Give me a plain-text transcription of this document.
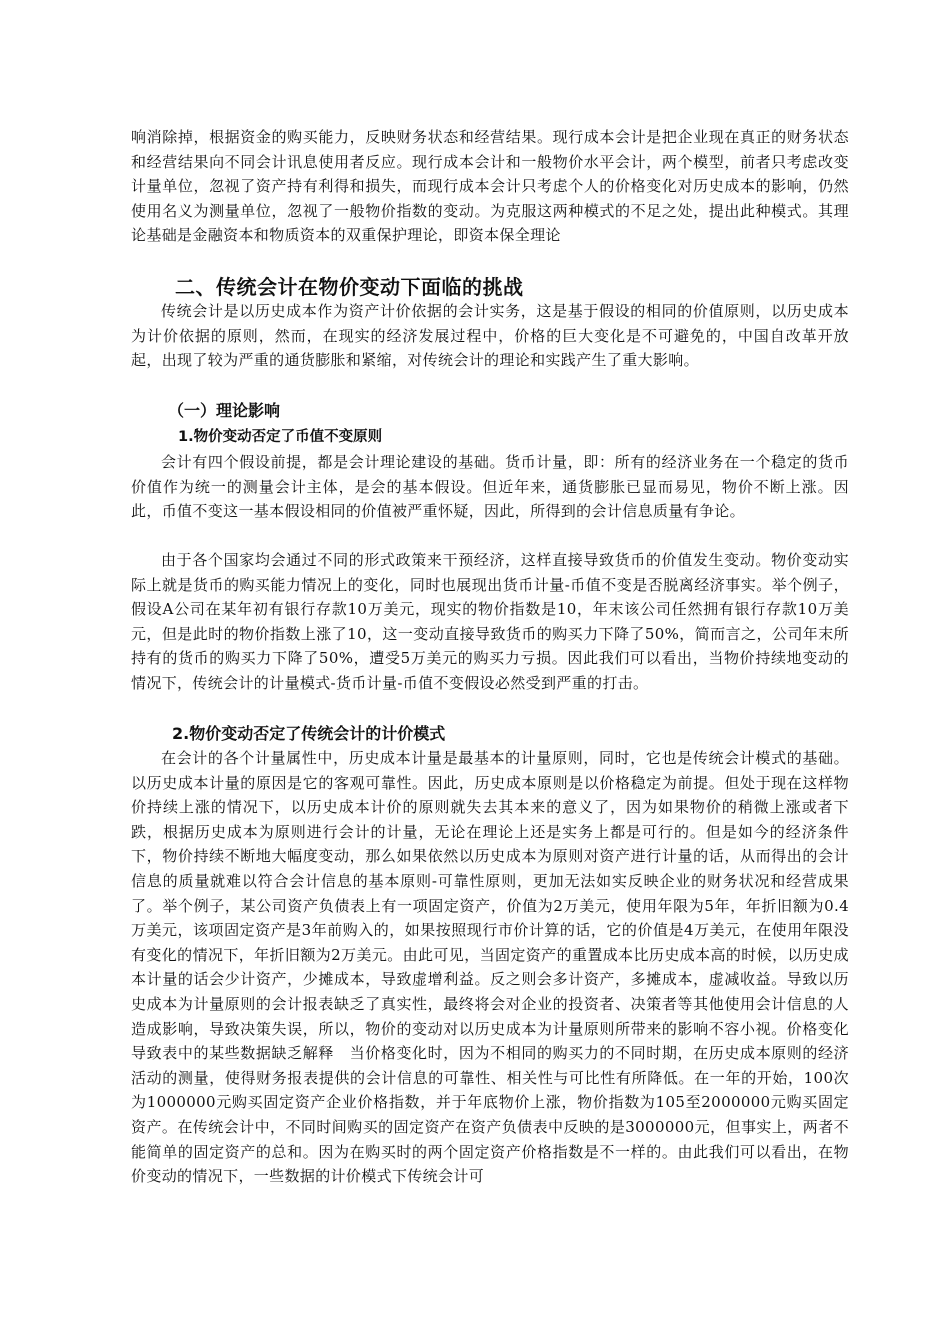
响消除掉，根据资金的购买能力，反映财务状态和经营结果。现行成本会计是把企业现在真正的财务状态和经营结果向不同会计讯息使用者反应。现行成本会计和一般物价水平会计，两个模型，前者只考虑改变计量单位，忽视了资产持有利得和损失，而现行成本会计只考虑个人的价格变化对历史成本的影响，仍然使用名义为测量单位，忽视了一般物价指数的变动。为克服这两种模式的不足之处，提出此种模式。其理论基础是金融资本和物质资本的双重保护理论，即资本保全理论

二、传统会计在物价变动下面临的挑战

传统会计是以历史成本作为资产计价依据的会计实务，这是基于假设的相同的价值原则，以历史成本为计价依据的原则，然而，在现实的经济发展过程中，价格的巨大变化是不可避免的，中国自改革开放起，出现了较为严重的通货膨胀和紧缩，对传统会计的理论和实践产生了重大影响。

（一）理论影响
1.物价变动否定了币值不变原则

会计有四个假设前提，都是会计理论建设的基础。货币计量，即：所有的经济业务在一个稳定的货币价值作为统一的测量会计主体，是会的基本假设。但近年来，通货膨胀已显而易见，物价不断上涨。因此，币值不变这一基本假设相同的价值被严重怀疑，因此，所得到的会计信息质量有争论。

由于各个国家均会通过不同的形式政策来干预经济，这样直接导致货币的价值发生变动。物价变动实际上就是货币的购买能力情况上的变化，同时也展现出货币计量-币值不变是否脱离经济事实。举个例子，假设A公司在某年初有银行存款10万美元，现实的物价指数是10，年末该公司任然拥有银行存款10万美元，但是此时的物价指数上涨了10，这一变动直接导致货币的购买力下降了50%，简而言之，公司年末所持有的货币的购买力下降了50%，遭受5万美元的购买力亏损。因此我们可以看出，当物价持续地变动的情况下，传统会计的计量模式-货币计量-币值不变假设必然受到严重的打击。

2.物价变动否定了传统会计的计价模式

在会计的各个计量属性中，历史成本计量是最基本的计量原则，同时，它也是传统会计模式的基础。以历史成本计量的原因是它的客观可靠性。因此，历史成本原则是以价格稳定为前提。但处于现在这样物价持续上涨的情况下，以历史成本计价的原则就失去其本来的意义了，因为如果物价的稍微上涨或者下跌，根据历史成本为原则进行会计的计量，无论在理论上还是实务上都是可行的。但是如今的经济条件下，物价持续不断地大幅度变动，那么如果依然以历史成本为原则对资产进行计量的话，从而得出的会计信息的质量就难以符合会计信息的基本原则-可靠性原则，更加无法如实反映企业的财务状况和经营成果了。举个例子，某公司资产负债表上有一项固定资产，价值为2万美元，使用年限为5年，年折旧额为0.4万美元，该项固定资产是3年前购入的，如果按照现行市价计算的话，它的价值是4万美元，在使用年限没有变化的情况下，年折旧额为2万美元。由此可见，当固定资产的重置成本比历史成本高的时候，以历史成本计量的话会少计资产，少摊成本，导致虚增利益。反之则会多计资产，多摊成本，虚减收益。导致以历史成本为计量原则的会计报表缺乏了真实性，最终将会对企业的投资者、决策者等其他使用会计信息的人造成影响，导致决策失误，所以，物价的变动对以历史成本为计量原则所带来的影响不容小视。价格变化导致表中的某些数据缺乏解释　当价格变化时，因为不相同的购买力的不同时期，在历史成本原则的经济活动的测量，使得财务报表提供的会计信息的可靠性、相关性与可比性有所降低。在一年的开始，100次为1000000元购买固定资产企业价格指数，并于年底物价上涨，物价指数为105至2000000元购买固定资产。在传统会计中，不同时间购买的固定资产在资产负债表中反映的是3000000元，但事实上，两者不能简单的固定资产的总和。因为在购买时的两个固定资产价格指数是不一样的。由此我们可以看出，在物价变动的情况下，一些数据的计价模式下传统会计可
